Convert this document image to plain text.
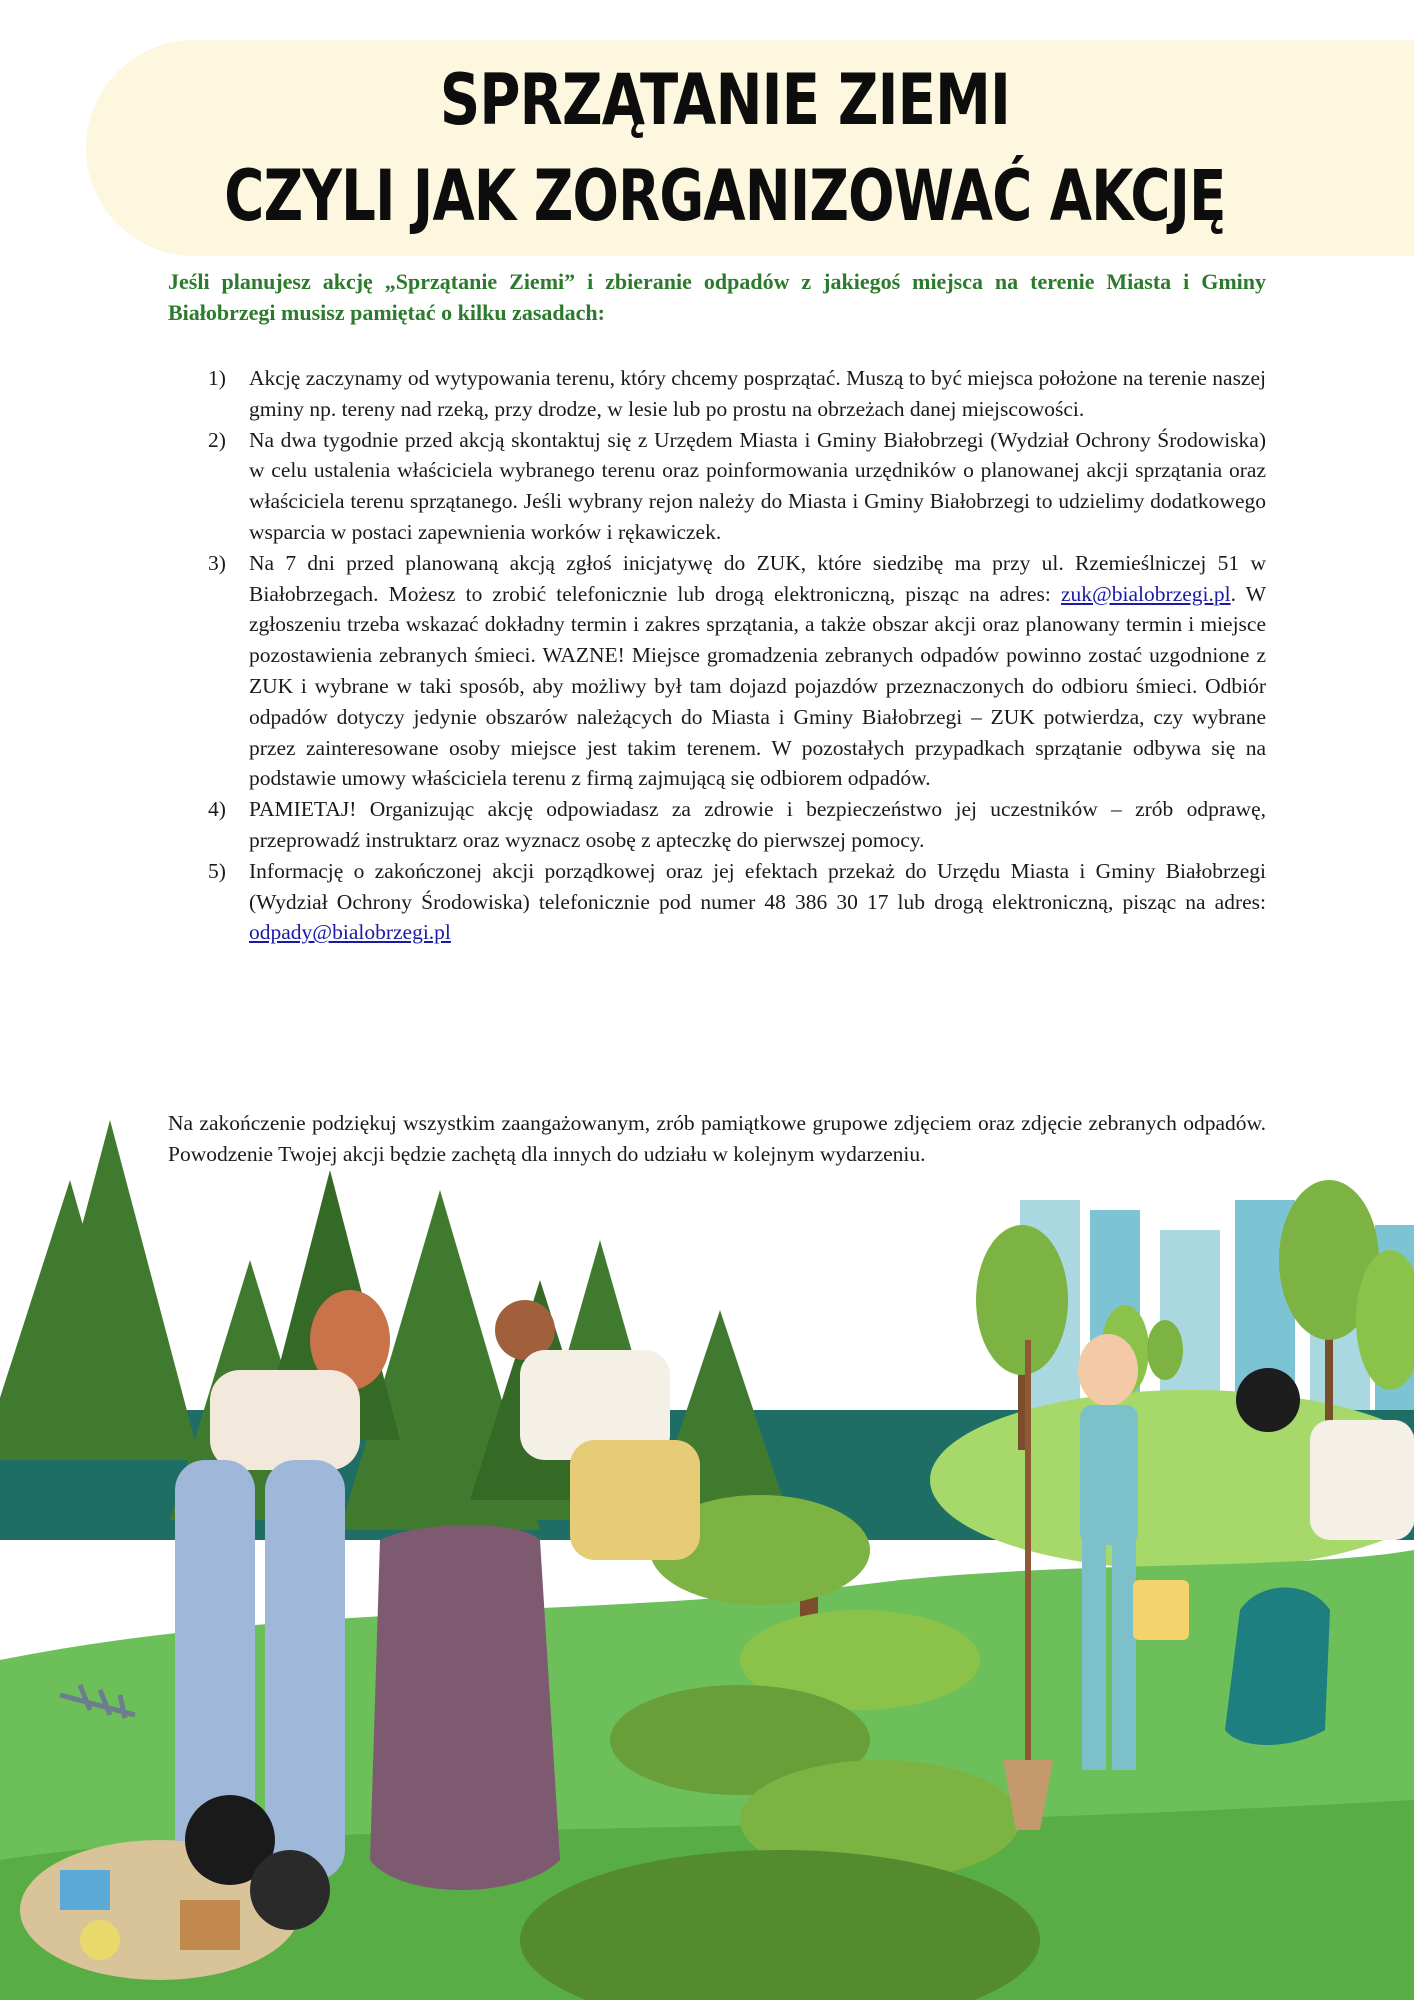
SPRZĄTANIE ZIEMI
CZYLI JAK ZORGANIZOWAĆ AKCJĘ

Jeśli planujesz akcję „Sprzątanie Ziemi” i zbieranie odpadów z jakiegoś miejsca na terenie Miasta i Gminy Białobrzegi musisz pamiętać o kilku zasadach:

1) Akcję zaczynamy od wytypowania terenu, który chcemy posprzątać. Muszą to być miejsca położone na terenie naszej gminy np. tereny nad rzeką, przy drodze, w lesie lub po prostu na obrzeżach danej miejscowości.
2) Na dwa tygodnie przed akcją skontaktuj się z Urzędem Miasta i Gminy Białobrzegi (Wydział Ochrony Środowiska) w celu ustalenia właściciela wybranego terenu oraz poinformowania urzędników o planowanej akcji sprzątania oraz właściciela terenu sprzątanego. Jeśli wybrany rejon należy do Miasta i Gminy Białobrzegi to udzielimy dodatkowego wsparcia w postaci zapewnienia worków i rękawiczek.
3) Na 7 dni przed planowaną akcją zgłoś inicjatywę do ZUK, które siedzibę ma przy ul. Rzemieślniczej 51 w Białobrzegach. Możesz to zrobić telefonicznie lub drogą elektroniczną, pisząc na adres: zuk@bialobrzegi.pl. W zgłoszeniu trzeba wskazać dokładny termin i zakres sprzątania, a także obszar akcji oraz planowany termin i miejsce pozostawienia zebranych śmieci. WAZNE! Miejsce gromadzenia zebranych odpadów powinno zostać uzgodnione z ZUK i wybrane w taki sposób, aby możliwy był tam dojazd pojazdów przeznaczonych do odbioru śmieci. Odbiór odpadów dotyczy jedynie obszarów należących do Miasta i Gminy Białobrzegi – ZUK potwierdza, czy wybrane przez zainteresowane osoby miejsce jest takim terenem. W pozostałych przypadkach sprzątanie odbywa się na podstawie umowy właściciela terenu z firmą zajmującą się odbiorem odpadów.
4) PAMIETAJ! Organizując akcję odpowiadasz za zdrowie i bezpieczeństwo jej uczestników – zrób odprawę, przeprowadź instruktarz oraz wyznacz osobę z apteczkę do pierwszej pomocy.
5) Informację o zakończonej akcji porządkowej oraz jej efektach przekaż do Urzędu Miasta i Gminy Białobrzegi (Wydział Ochrony Środowiska) telefonicznie pod numer 48 386 30 17 lub drogą elektroniczną, pisząc na adres: odpady@bialobrzegi.pl

Na zakończenie podziękuj wszystkim zaangażowanym, zrób pamiątkowe grupowe zdjęciem oraz zdjęcie zebranych odpadów. Powodzenie Twojej akcji będzie zachętą dla innych do udziału w kolejnym wydarzeniu.
